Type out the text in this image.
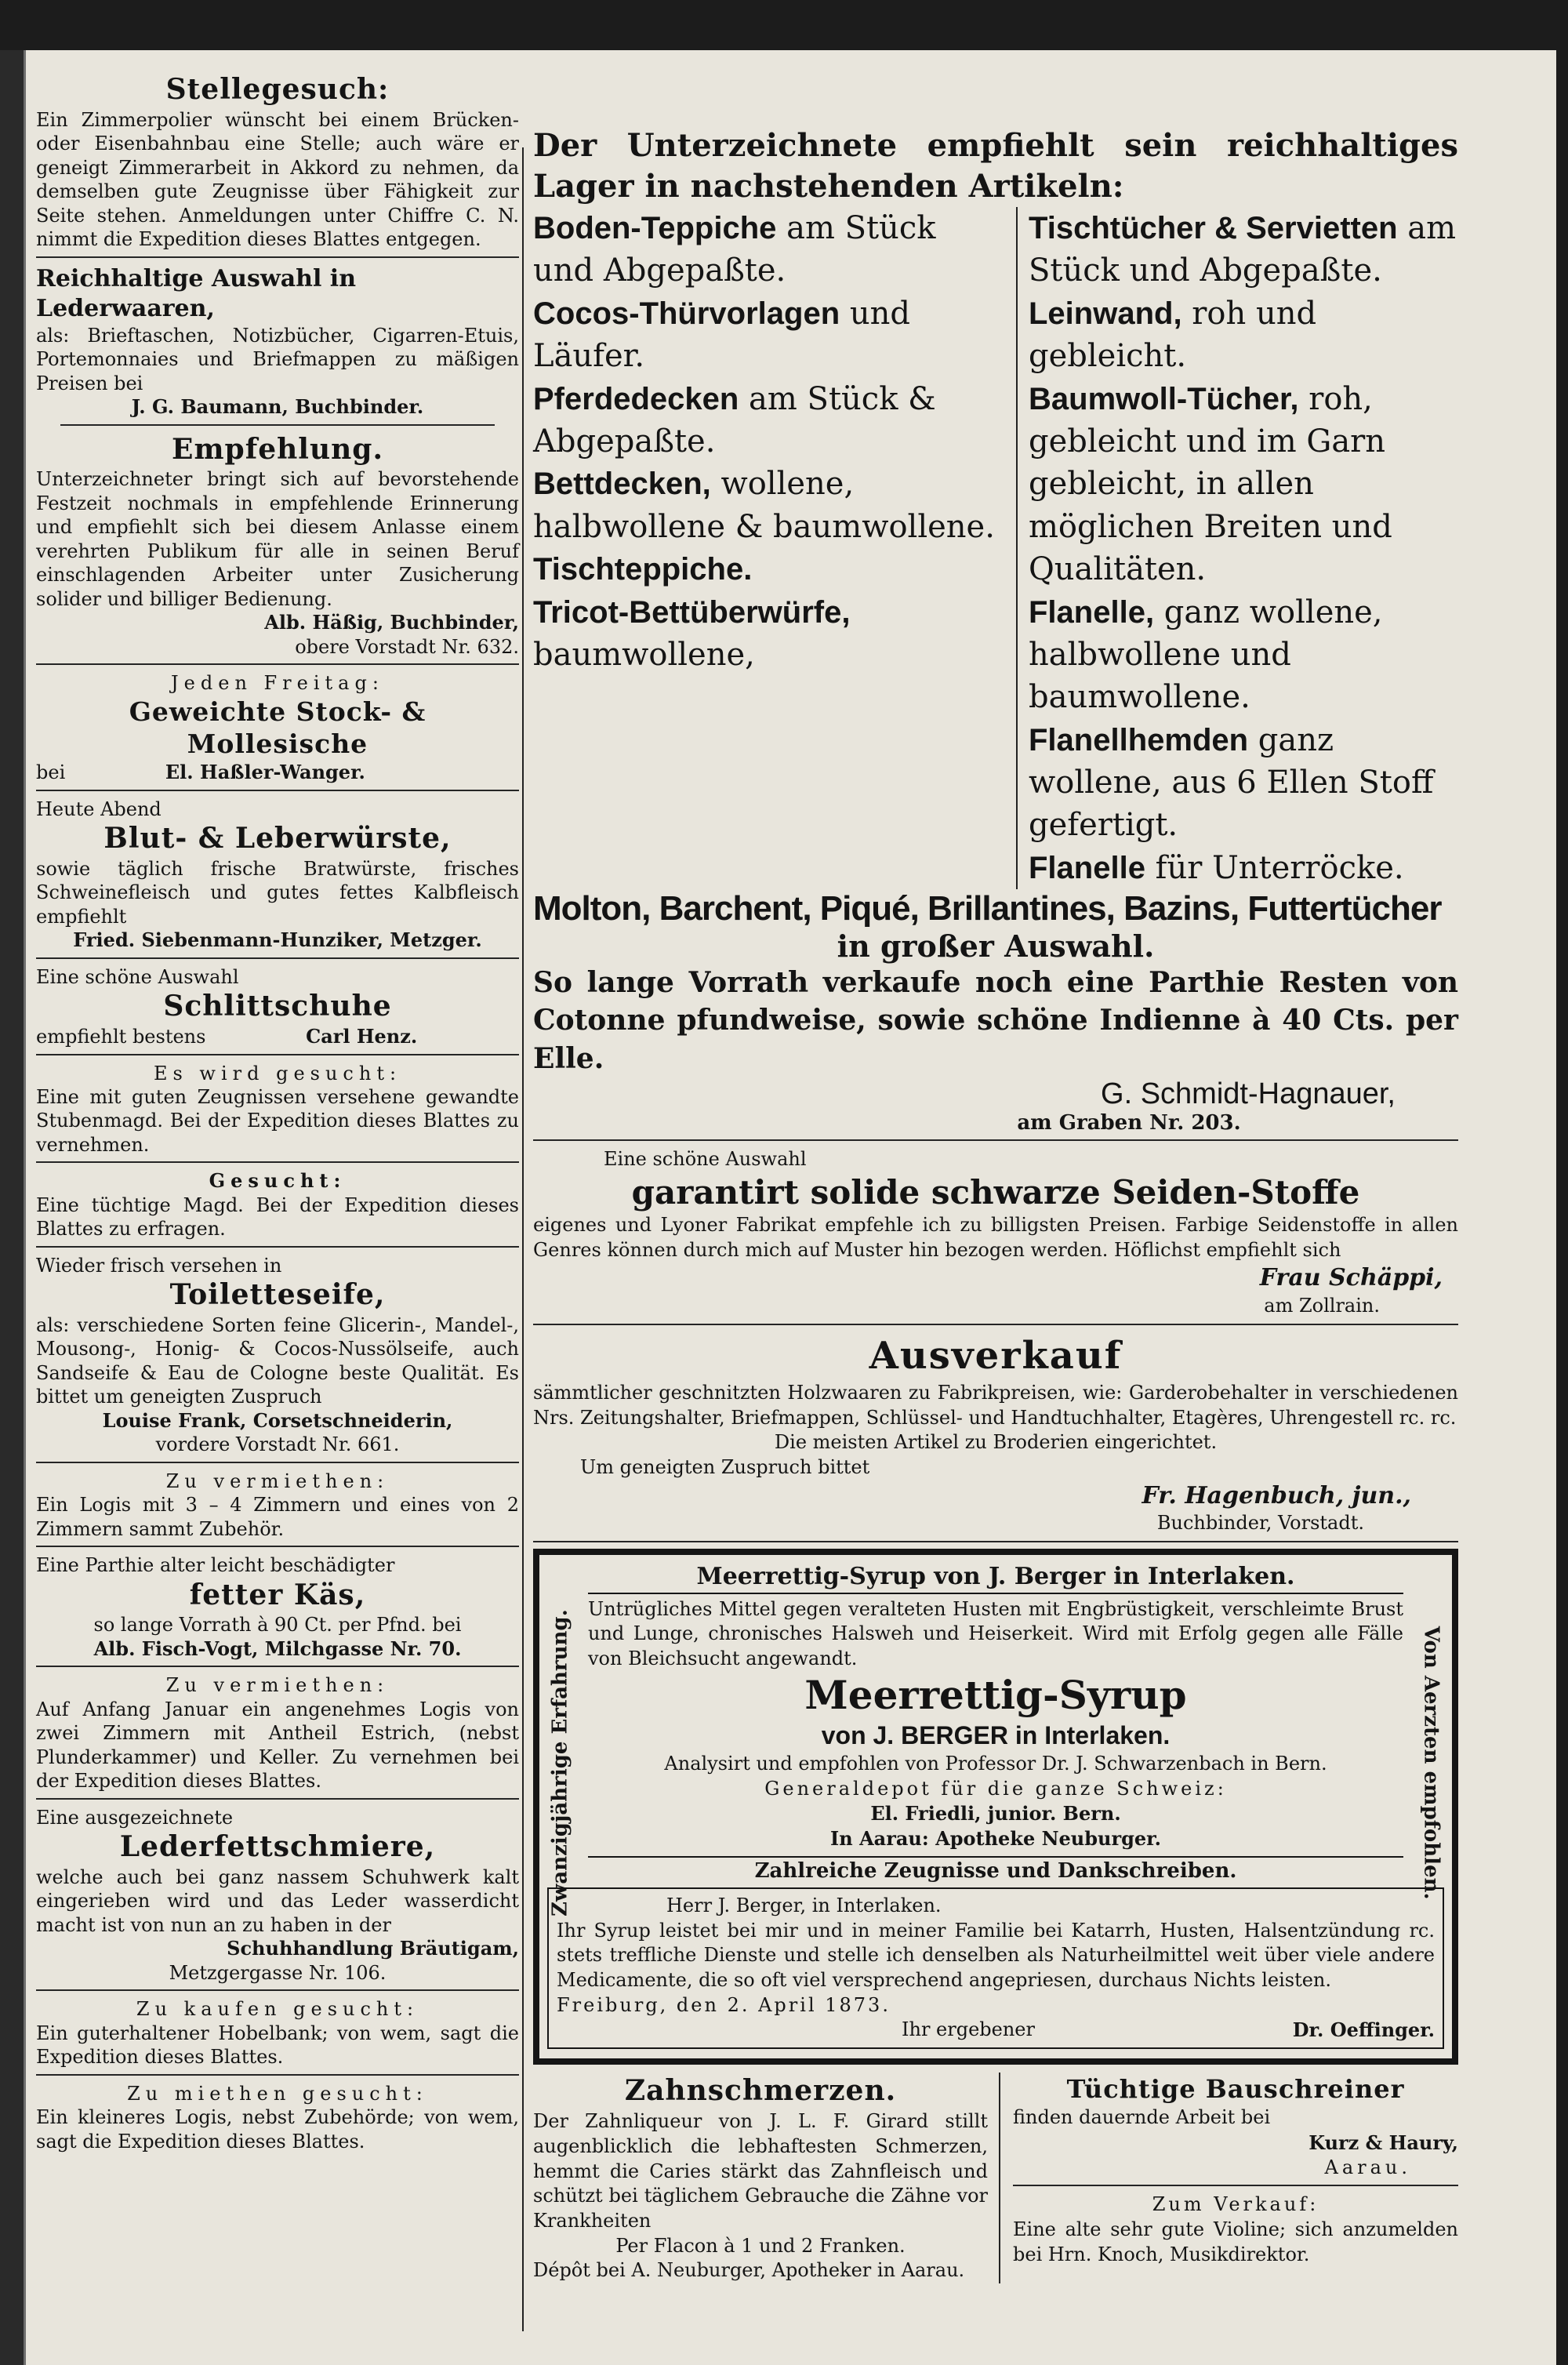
Stellegesuch:

Ein Zimmerpolier wünscht bei einem Brücken- oder Eisenbahnbau eine Stelle; auch wäre er geneigt Zimmerarbeit in Akkord zu nehmen, da demselben gute Zeugnisse über Fähigkeit zur Seite stehen. Anmeldungen unter Chiffre C. N. nimmt die Expedition dieses Blattes entgegen.

Reichhaltige Auswahl in Lederwaaren,

als: Brieftaschen, Notizbücher, Cigarren-Etuis, Portemonnaies und Briefmappen zu mäßigen Preisen bei

J. G. Baumann, Buchbinder.

Empfehlung.

Unterzeichneter bringt sich auf bevorstehende Festzeit nochmals in empfehlende Erinnerung und empfiehlt sich bei diesem Anlasse einem verehrten Publikum für alle in seinen Beruf einschlagenden Arbeiter unter Zusicherung solider und billiger Bedienung.

Alb. Häßig, Buchbinder,

obere Vorstadt Nr. 632.

Jeden Freitag:

Geweichte Stock- & Mollesische

bei	El. Haßler-Wanger.

Heute Abend

Blut- & Leberwürste,

sowie täglich frische Bratwürste, frisches Schweinefleisch und gutes fettes Kalbfleisch empfiehlt

Fried. Siebenmann-Hunziker, Metzger.

Eine schöne Auswahl

Schlittschuhe

empfiehlt bestens	Carl Henz.

Es wird gesucht:

Eine mit guten Zeugnissen versehene gewandte Stubenmagd. Bei der Expedition dieses Blattes zu vernehmen.

Gesucht:

Eine tüchtige Magd. Bei der Expedition dieses Blattes zu erfragen.

Wieder frisch versehen in

Toiletteseife,

als: verschiedene Sorten feine Glicerin-, Mandel-, Mousong-, Honig- & Cocos-Nussölseife, auch Sandseife & Eau de Cologne beste Qualität. Es bittet um geneigten Zuspruch

Louise Frank, Corsetschneiderin,

vordere Vorstadt Nr. 661.

Zu vermiethen:

Ein Logis mit 3 – 4 Zimmern und eines von 2 Zimmern sammt Zubehör.

Eine Parthie alter leicht beschädigter

fetter Käs,

so lange Vorrath à 90 Ct. per Pfnd. bei

Alb. Fisch-Vogt, Milchgasse Nr. 70.

Zu vermiethen:

Auf Anfang Januar ein angenehmes Logis von zwei Zimmern mit Antheil Estrich, (nebst Plunderkammer) und Keller. Zu vernehmen bei der Expedition dieses Blattes.

Eine ausgezeichnete

Lederfettschmiere,

welche auch bei ganz nassem Schuhwerk kalt eingerieben wird und das Leder wasserdicht macht ist von nun an zu haben in der

Schuhhandlung Bräutigam,

Metzgergasse Nr. 106.

Zu kaufen gesucht:

Ein guterhaltener Hobelbank; von wem, sagt die Expedition dieses Blattes.

Zu miethen gesucht:

Ein kleineres Logis, nebst Zubehörde; von wem, sagt die Expedition dieses Blattes.

Der Unterzeichnete empfiehlt sein reichhaltiges Lager in nachstehenden Artikeln:

Boden-Teppiche am Stück und Abgepaßte.

Cocos-Thürvorlagen und Läufer.

Pferdedecken am Stück & Abgepaßte.

Bettdecken, wollene, halbwollene & baumwollene.

Tischteppiche.

Tricot-Bettüberwürfe, baumwollene,

Tischtücher & Servietten am Stück und Abgepaßte.

Leinwand, roh und gebleicht.

Baumwoll-Tücher, roh, gebleicht und im Garn gebleicht, in allen möglichen Breiten und Qualitäten.

Flanelle, ganz wollene, halbwollene und baumwollene.

Flanellhemden ganz wollene, aus 6 Ellen Stoff gefertigt.

Flanelle für Unterröcke.

Molton, Barchent, Piqué, Brillantines, Bazins, Futtertücher

in großer Auswahl.

So lange Vorrath verkaufe noch eine Parthie Resten von Cotonne pfundweise, sowie schöne Indienne à 40 Cts. per Elle.

G. Schmidt-Hagnauer,

am Graben Nr. 203.

Eine schöne Auswahl

garantirt solide schwarze Seiden-Stoffe

eigenes und Lyoner Fabrikat empfehle ich zu billigsten Preisen. Farbige Seidenstoffe in allen Genres können durch mich auf Muster hin bezogen werden. Höflichst empfiehlt sich

Frau Schäppi,

am Zollrain.

Ausverkauf

sämmtlicher geschnitzten Holzwaaren zu Fabrikpreisen, wie: Garderobehalter in verschiedenen Nrs. Zeitungshalter, Briefmappen, Schlüssel- und Handtuchhalter, Etagères, Uhrengestell rc. rc.

Die meisten Artikel zu Broderien eingerichtet.

Um geneigten Zuspruch bittet

Fr. Hagenbuch, jun.,

Buchbinder, Vorstadt.

Zwanzigjährige Erfahrung.	Von Aerzten empfohlen.

Meerrettig-Syrup von J. Berger in Interlaken.

Untrügliches Mittel gegen veralteten Husten mit Engbrüstigkeit, verschleimte Brust und Lunge, chronisches Halsweh und Heiserkeit. Wird mit Erfolg gegen alle Fälle von Bleichsucht angewandt.

Meerrettig-Syrup

von J. BERGER in Interlaken.

Analysirt und empfohlen von Professor Dr. J. Schwarzenbach in Bern.

Generaldepot für die ganze Schweiz:

El. Friedli, junior. Bern.

In Aarau: Apotheke Neuburger.

Zahlreiche Zeugnisse und Dankschreiben.

Herr J. Berger, in Interlaken.

Ihr Syrup leistet bei mir und in meiner Familie bei Katarrh, Husten, Halsentzündung rc. stets treffliche Dienste und stelle ich denselben als Naturheilmittel weit über viele andere Medicamente, die so oft viel versprechend angepriesen, durchaus Nichts leisten.

Freiburg, den 2. April 1873.

Ihr ergebener	Dr. Oeffinger.

Zahnschmerzen.

Der Zahnliqueur von J. L. F. Girard stillt augenblicklich die lebhaftesten Schmerzen, hemmt die Caries stärkt das Zahnfleisch und schützt bei täglichem Gebrauche die Zähne vor Krankheiten

Per Flacon à 1 und 2 Franken.

Dépôt bei A. Neuburger, Apotheker in Aarau.

Tüchtige Bauschreiner

finden dauernde Arbeit bei

Kurz & Haury,

Aarau.

Zum Verkauf:

Eine alte sehr gute Violine; sich anzumelden bei Hrn. Knoch, Musikdirektor.
